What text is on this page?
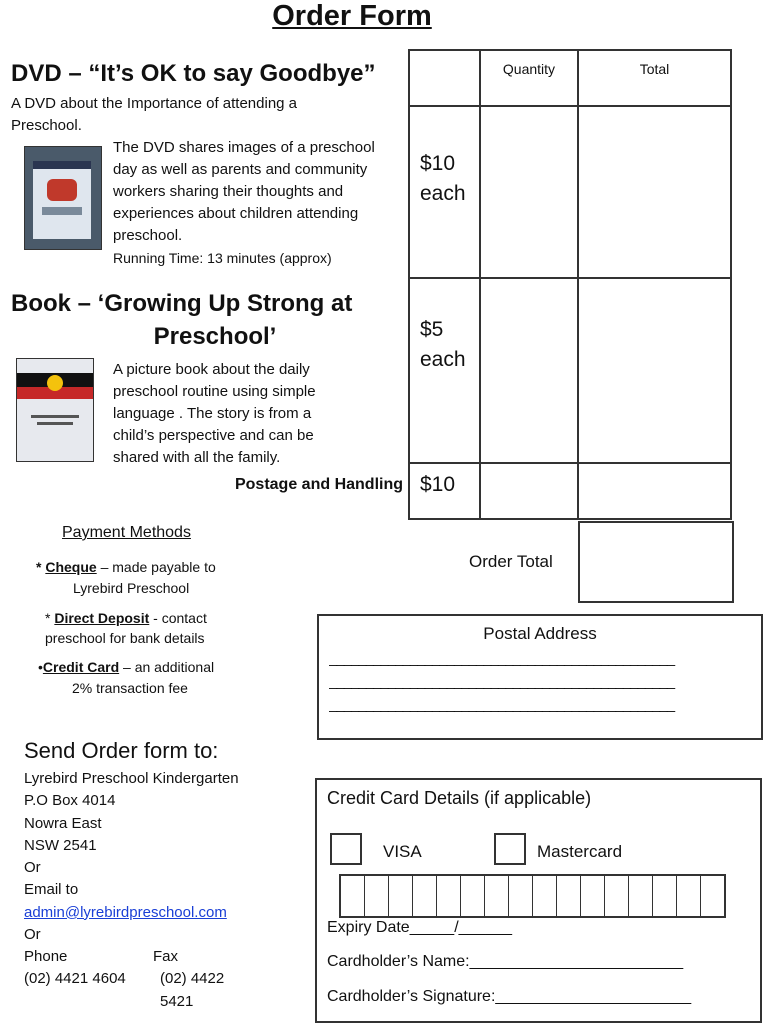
Order Form
DVD – “It’s OK to say Goodbye”
A DVD about the Importance of attending a Preschool.
The DVD shares images of a preschool day as well as parents and community workers sharing their thoughts and experiences about children attending preschool.
Running Time: 13 minutes (approx)
Book – ‘Growing Up Strong at
Preschool’
A picture book about the daily preschool routine using simple language . The story is from a child’s perspective and can be shared with all the family.

	Quantity	Total

$10 each		

$5 each		

$10		

Postage and Handling
Order Total
Payment Methods
* Cheque – made payable to
Lyrebird Preschool
* Direct Deposit - contact
preschool for bank details
•Credit Card – an additional
2% transaction fee
Postal Address
_______________________________________________
_______________________________________________
_______________________________________________
Send Order form to:
Lyrebird Preschool Kindergarten
P.O Box 4014
Nowra East
NSW 2541
Or
Email to
admin@lyrebirdpreschool.com
Or
Phone	Fax
(02) 4421 4604 (02) 4422 5421
Credit Card Details (if applicable)
VISA	Mastercard
Expiry Date_____/______
Cardholder’s Name:________________________
Cardholder’s Signature:______________________
